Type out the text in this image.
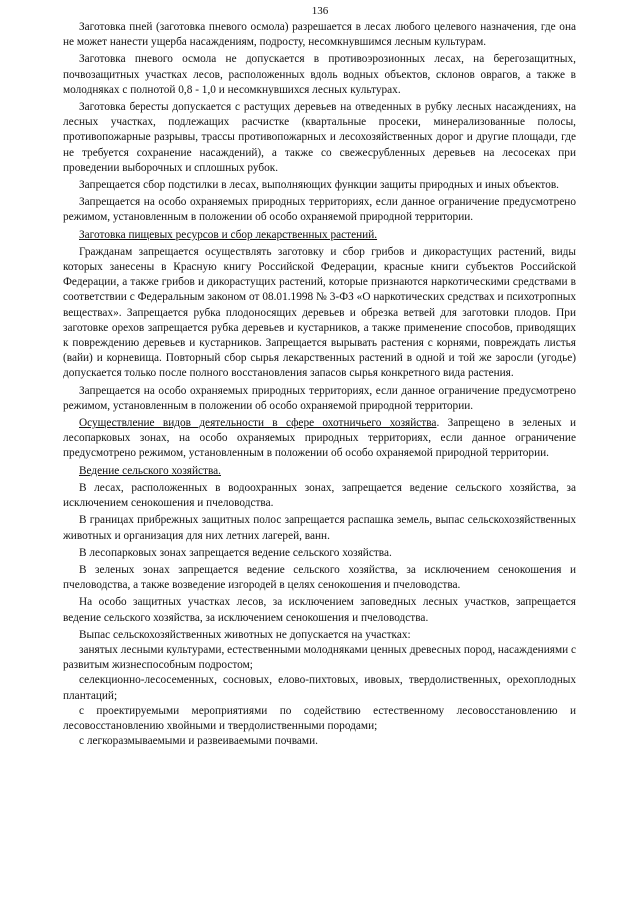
136

Заготовка пней (заготовка пневого осмола) разрешается в лесах любого целевого назначения, где она не может нанести ущерба насаждениям, подросту, несомкнувшимся лесным культурам.

Заготовка пневого осмола не допускается в противоэрозионных лесах, на берегозащитных, почвозащитных участках лесов, расположенных вдоль водных объектов, склонов оврагов, а также в молодняках с полнотой 0,8 - 1,0 и несомкнувшихся лесных культурах.

Заготовка бересты допускается с растущих деревьев на отведенных в рубку лесных насаждениях, на лесных участках, подлежащих расчистке (квартальные просеки, минерализованные полосы, противопожарные разрывы, трассы противопожарных и лесохозяйственных дорог и другие площади, где не требуется сохранение насаждений), а также со свежесрубленных деревьев на лесосеках при проведении выборочных и сплошных рубок.

Запрещается сбор подстилки в лесах, выполняющих функции защиты природных и иных объектов.

Запрещается на особо охраняемых природных территориях, если данное ограничение предусмотрено режимом, установленным в положении об особо охраняемой природной территории.

Заготовка пищевых ресурсов и сбор лекарственных растений.

Гражданам запрещается осуществлять заготовку и сбор грибов и дикорастущих растений, виды которых занесены в Красную книгу Российской Федерации, красные книги субъектов Российской Федерации, а также грибов и дикорастущих растений, которые признаются наркотическими средствами в соответствии с Федеральным законом от 08.01.1998 № 3-ФЗ «О наркотических средствах и психотропных веществах». Запрещается рубка плодоносящих деревьев и обрезка ветвей для заготовки плодов. При заготовке орехов запрещается рубка деревьев и кустарников, а также применение способов, приводящих к повреждению деревьев и кустарников. Запрещается вырывать растения с корнями, повреждать листья (вайи) и корневища. Повторный сбор сырья лекарственных растений в одной и той же заросли (угодье) допускается только после полного восстановления запасов сырья конкретного вида растения.

Запрещается на особо охраняемых природных территориях, если данное ограничение предусмотрено режимом, установленным в положении об особо охраняемой природной территории.

Осуществление видов деятельности в сфере охотничьего хозяйства. Запрещено в зеленых и лесопарковых зонах, на особо охраняемых природных территориях, если данное ограничение предусмотрено режимом, установленным в положении об особо охраняемой природной территории.

Ведение сельского хозяйства.

В лесах, расположенных в водоохранных зонах, запрещается ведение сельского хозяйства, за исключением сенокошения и пчеловодства.

В границах прибрежных защитных полос запрещается распашка земель, выпас сельскохозяйственных животных и организация для них летних лагерей, ванн.

В лесопарковых зонах запрещается ведение сельского хозяйства.

В зеленых зонах запрещается ведение сельского хозяйства, за исключением сенокошения и пчеловодства, а также возведение изгородей в целях сенокошения и пчеловодства.

На особо защитных участках лесов, за исключением заповедных лесных участков, запрещается ведение сельского хозяйства, за исключением сенокошения и пчеловодства.

Выпас сельскохозяйственных животных не допускается на участках:

занятых лесными культурами, естественными молодняками ценных древесных пород, насаждениями с развитым жизнеспособным подростом;

селекционно-лесосеменных, сосновых, елово-пихтовых, ивовых, твердолиственных, орехоплодных плантаций;

с проектируемыми мероприятиями по содействию естественному лесовосстановлению и лесовосстановлению хвойными и твердолиственными породами;

с легкоразмываемыми и развеиваемыми почвами.
